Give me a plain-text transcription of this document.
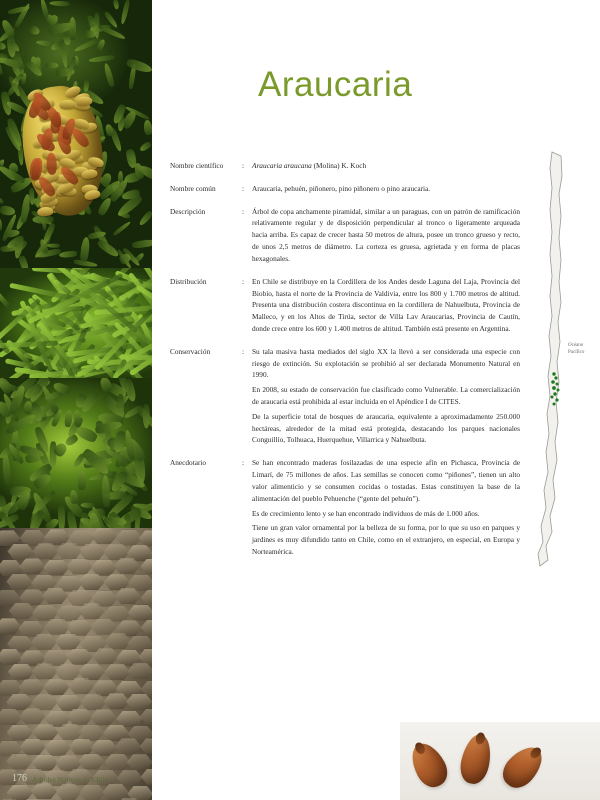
Araucaria
Nombre científico	:	Araucaria araucana (Molina) K. Koch

Nombre común	:	Araucaria, pehuén, piñonero, pino piñonero o pino araucaria.

Descripción	:	Árbol de copa anchamente piramidal, similar a un paraguas, con un patrón de ramificación relativamente regular y de disposición perpendicular al tronco o ligeramente arqueada hacia arriba. Es capaz de crecer hasta 50 metros de altura, posee un tronco grueso y recto, de unos 2,5 metros de diámetro. La corteza es gruesa, agrietada y en forma de placas hexagonales.

Distribución	:	En Chile se distribuye en la Cordillera de los Andes desde Laguna del Laja, Provincia del Biobío, hasta el norte de la Provincia de Valdivia, entre los 800 y 1.700 metros de altitud. Presenta una distribución costera discontinua en la cordillera de Nahuelbuta, Provincia de Malleco, y en los Altos de Tirúa, sector de Villa Lav Araucarias, Provincia de Cautín, donde crece entre los 600 y 1.400 metros de altitud. También está presente en Argentina.

Conservación	:	Su tala masiva hasta mediados del siglo XX la llevó a ser considerada una especie con riesgo de extinción. Su explotación se prohibió al ser declarada Monumento Natural en 1990.

En 2008, su estado de conservación fue clasificado como Vulnerable. La comercialización de araucaria está prohibida al estar incluida en el Apéndice I de CITES.

De la superficie total de bosques de araucaria, equivalente a aproximadamente 250.000 hectáreas, alrededor de la mitad está protegida, destacando los parques nacionales Conguillío, Tolhuaca, Huerquehue, Villarrica y Nahuelbuta.

Anecdotario	:	Se han encontrado maderas fosilazadas de una especie afín en Pichasca, Provincia de Limarí, de 75 millones de años. Las semillas se conocen como “piñones”, tienen un alto valor alimenticio y se consumen cocidas o tostadas. Estas constituyen la base de la alimentación del pueblo Pehuenche (“gente del pehuén”).

Es de crecimiento lento y se han encontrado individuos de más de 1.000 años.

Tiene un gran valor ornamental por la belleza de su forma, por lo que su uso en parques y jardines es muy difundido tanto en Chile, como en el extranjero, en especial, en Europa y Norteamérica.

Océano
Pacífico
176 Árboles Nativos de Chile
